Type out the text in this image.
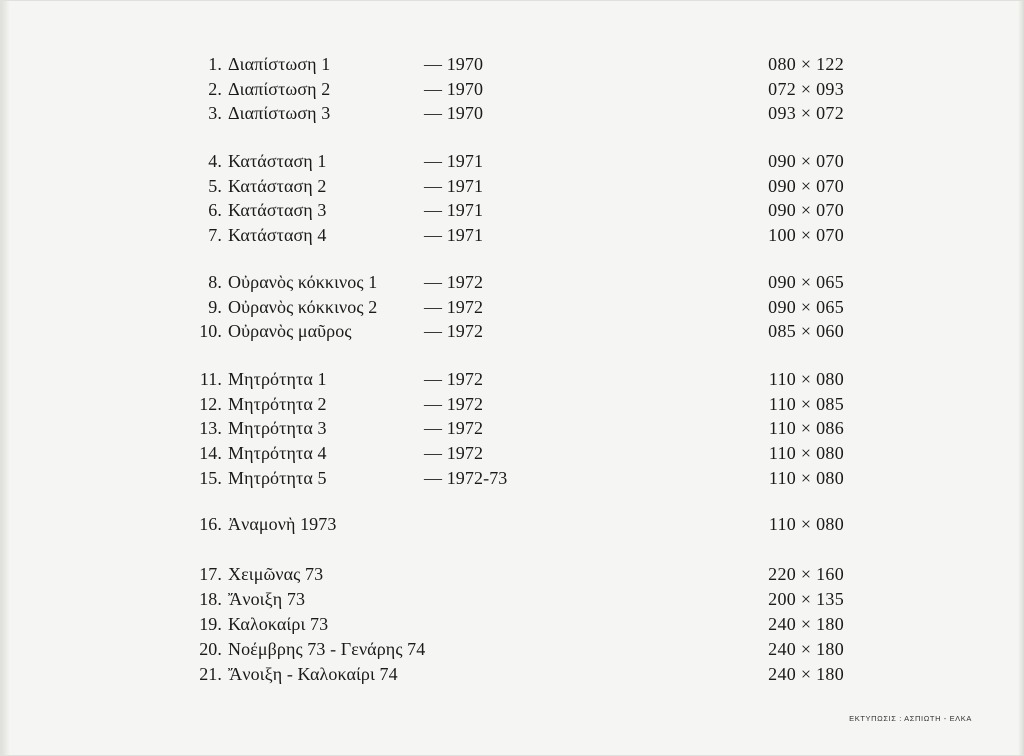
1. Διαπίστωση 1	— 1970	080 × 122
2. Διαπίστωση 2	— 1970	072 × 093
3. Διαπίστωση 3	— 1970	093 × 072
4. Κατάσταση 1	— 1971	090 × 070
5. Κατάσταση 2	— 1971	090 × 070
6. Κατάσταση 3	— 1971	090 × 070
7. Κατάσταση 4	— 1971	100 × 070
8. Οὐρανὸς κόκκινος 1	— 1972	090 × 065
9. Οὐρανὸς κόκκινος 2	— 1972	090 × 065
10. Οὐρανὸς μαῦρος	— 1972	085 × 060
11. Μητρότητα 1	— 1972	110 × 080
12. Μητρότητα 2	— 1972	110 × 085
13. Μητρότητα 3	— 1972	110 × 086
14. Μητρότητα 4	— 1972	110 × 080
15. Μητρότητα 5	— 1972-73	110 × 080
16. Ἀναμονὴ 1973	110 × 080
17. Χειμῶνας 73	220 × 160
18. Ἄνοιξη 73	200 × 135
19. Καλοκαίρι 73	240 × 180
20. Νοέμβρης 73 - Γενάρης 74	240 × 180
21. Ἄνοιξη - Καλοκαίρι 74	240 × 180
ΕΚΤΥΠΩΣΙΣ : ΑΣΠΙΩΤΗ - ΕΛΚΑ
